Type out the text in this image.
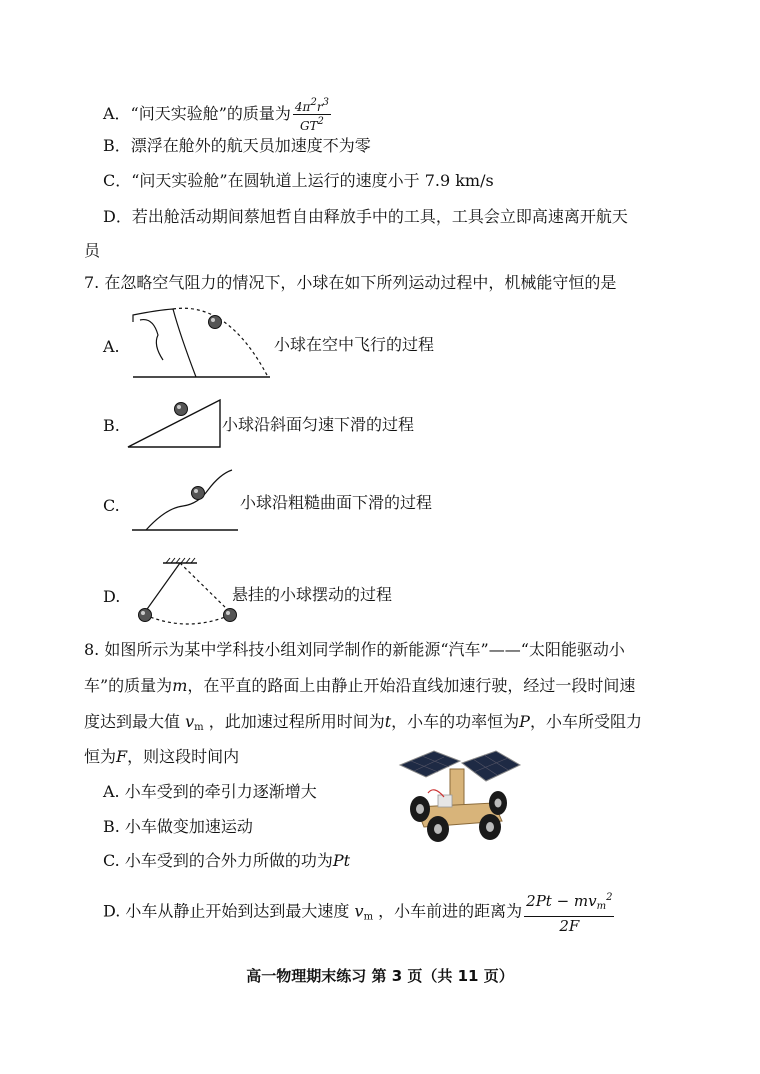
A．“问天实验舱”的质量为 $\frac{4\pi^2r^3}{GT^2}$
B．漂浮在舱外的航天员加速度不为零
C．“问天实验舱”在圆轨道上运行的速度小于 7.9 km/s
D．若出舱活动期间蔡旭哲自由释放手中的工具，工具会立即高速离开航天
员
7. 在忽略空气阻力的情况下，小球在如下所列运动过程中，机械能守恒的是
A.	小球在空中飞行的过程
B.	小球沿斜面匀速下滑的过程
C.	小球沿粗糙曲面下滑的过程
D.	悬挂的小球摆动的过程
8. 如图所示为某中学科技小组刘同学制作的新能源“汽车”——“太阳能驱动小
车”的质量为m，在平直的路面上由静止开始沿直线加速行驶，经过一段时间速
度达到最大值 $v_m$ ，此加速过程所用时间为t，小车的功率恒为P，小车所受阻力
恒为F，则这段时间内
A. 小车受到的牵引力逐渐增大
B. 小车做变加速运动
C. 小车受到的合外力所做的功为Pt
D. 小车从静止开始到达到最大速度 $v_m$ ，小车前进的距离为 $\frac{2Pt - mv_m^2}{2F}$
高一物理期末练习 第 3 页（共 11 页）
